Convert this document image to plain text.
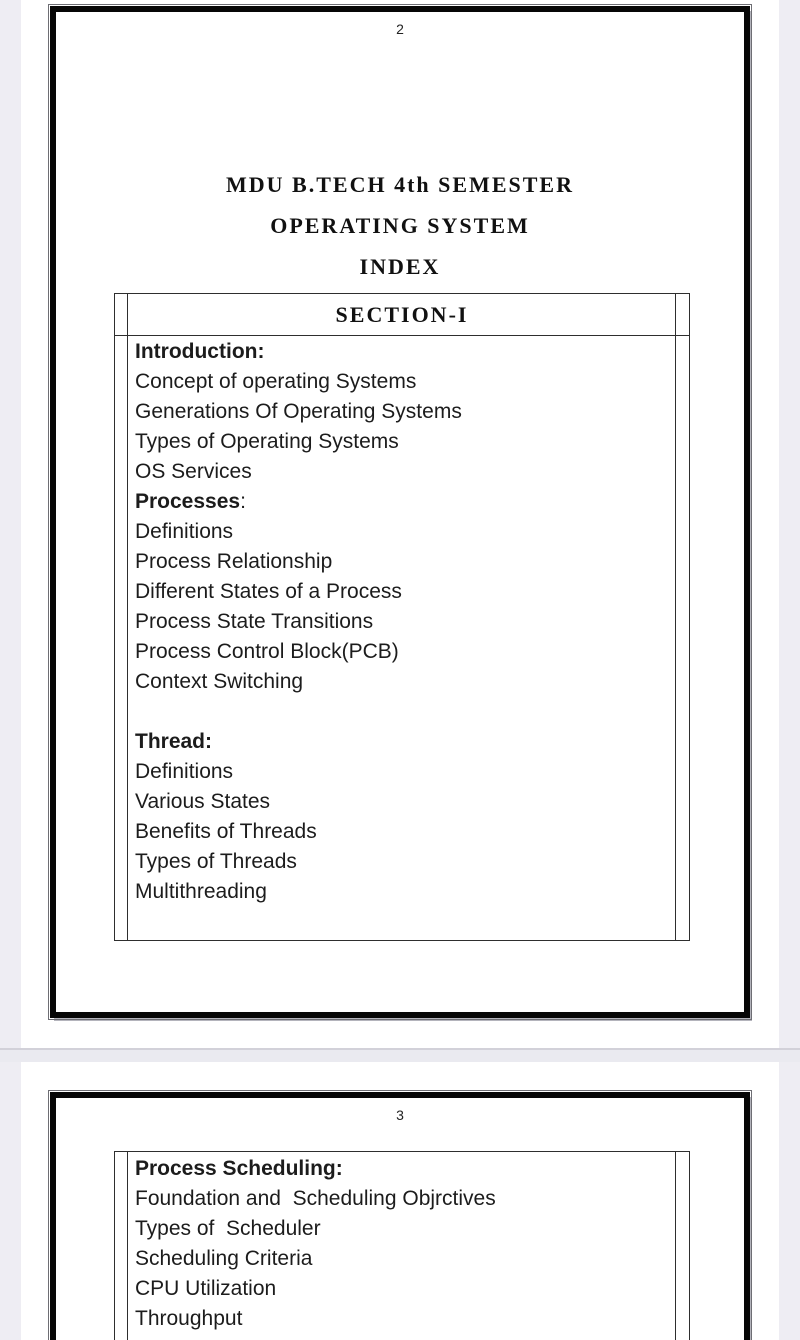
2
MDU B.TECH 4th SEMESTER
OPERATING SYSTEM
INDEX
SECTION-I
Introduction:
Concept of operating Systems
Generations Of Operating Systems
Types of Operating Systems
OS Services
Processes:
Definitions
Process Relationship
Different States of a Process
Process State Transitions
Process Control Block(PCB)
Context Switching
Thread:
Definitions
Various States
Benefits of Threads
Types of Threads
Multithreading
3
Process Scheduling:
Foundation and  Scheduling Objrctives
Types of  Scheduler
Scheduling Criteria
CPU Utilization
Throughput
